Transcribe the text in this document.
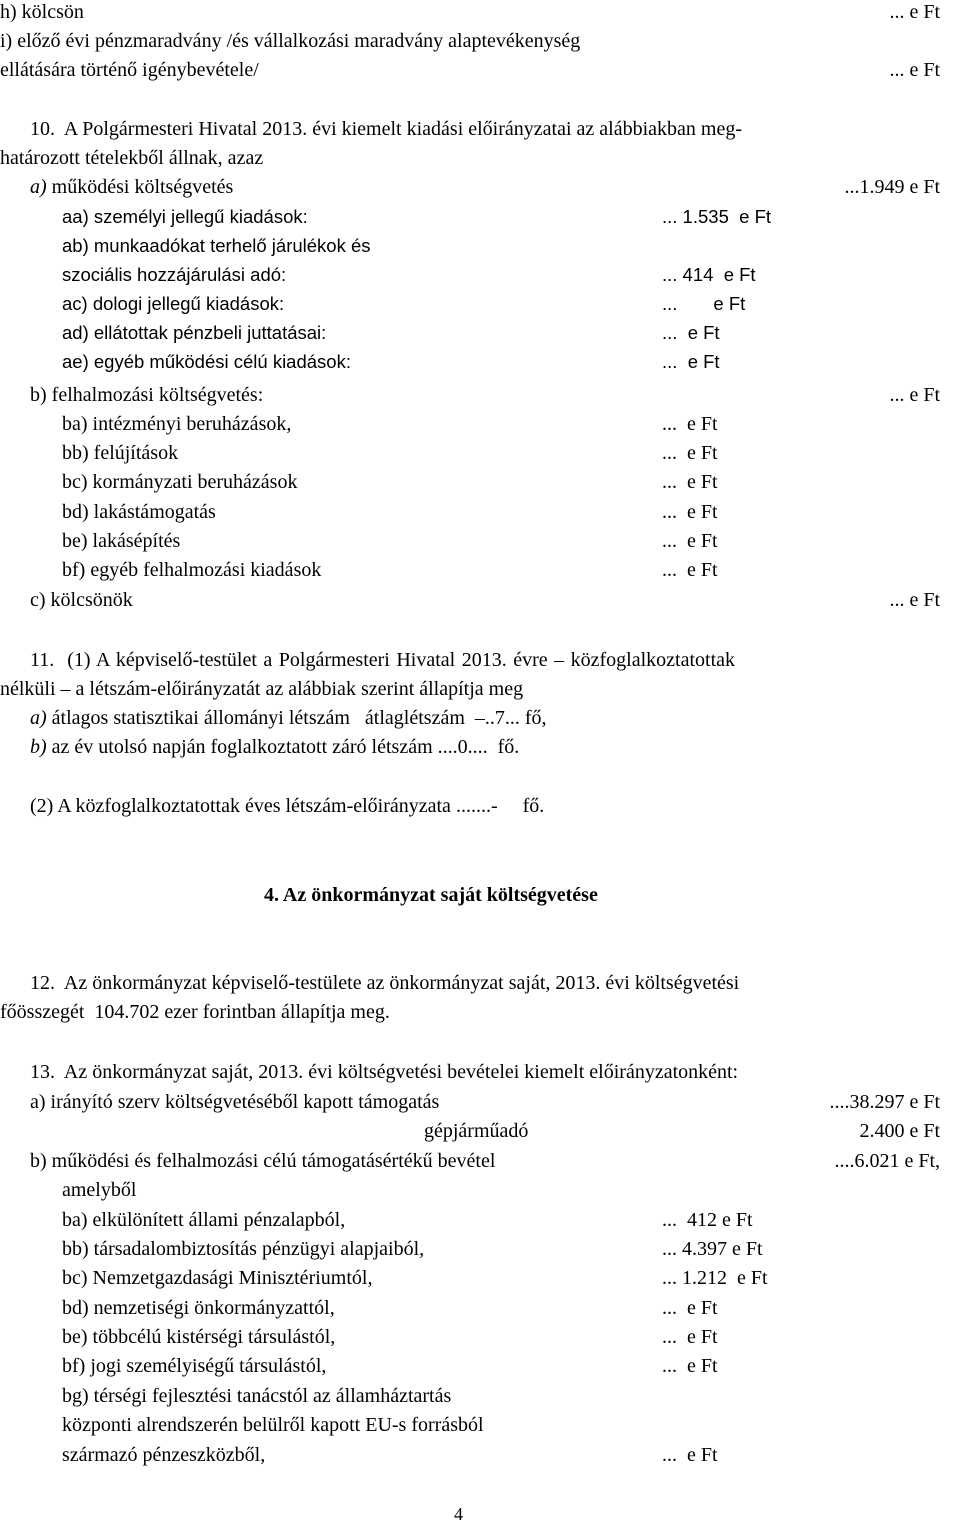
h) kölcsön	... e Ft
i) előző évi pénzmaradvány /és vállalkozási maradvány alaptevékenység
ellátására történő igénybevétele/	... e Ft
10.  A Polgármesteri Hivatal 2013. évi kiemelt kiadási előirányzatai az alábbiakban meg-
határozott tételekből állnak, azaz
a) működési költségvetés	...1.949 e Ft
aa) személyi jellegű kiadások:	... 1.535  e Ft
ab) munkaadókat terhelő járulékok és
szociális hozzájárulási adó:	... 414  e Ft
ac) dologi jellegű kiadások:	...       e Ft
ad) ellátottak pénzbeli juttatásai:	...  e Ft
ae) egyéb működési célú kiadások:	...  e Ft
b) felhalmozási költségvetés:	... e Ft
ba) intézményi beruházások,	...  e Ft
bb) felújítások	...  e Ft
bc) kormányzati beruházások	...  e Ft
bd) lakástámogatás	...  e Ft
be) lakásépítés	...  e Ft
bf) egyéb felhalmozási kiadások	...  e Ft
c) kölcsönök	... e Ft
11.  (1) A képviselő-testület a Polgármesteri Hivatal 2013. évre – közfoglalkoztatottak
nélküli – a létszám-előirányzatát az alábbiak szerint állapítja meg
a) átlagos statisztikai állományi létszám   átlaglétszám  –..7... fő,
b) az év utolsó napján foglalkoztatott záró létszám ....0....  fő.
(2) A közfoglalkoztatottak éves létszám-előirányzata .......-     fő.
4. Az önkormányzat saját költségvetése
12.  Az önkormányzat képviselő-testülete az önkormányzat saját, 2013. évi költségvetési
főösszegét  104.702 ezer forintban állapítja meg.
13.  Az önkormányzat saját, 2013. évi költségvetési bevételei kiemelt előirányzatonként:
a) irányító szerv költségvetéséből kapott támogatás	....38.297 e Ft
gépjárműadó	2.400 e Ft
b) működési és felhalmozási célú támogatásértékű bevétel	....6.021 e Ft,
amelyből
ba) elkülönített állami pénzalapból,	...  412 e Ft
bb) társadalombiztosítás pénzügyi alapjaiból,	... 4.397 e Ft
bc) Nemzetgazdasági Minisztériumtól,	... 1.212  e Ft
bd) nemzetiségi önkormányzattól,	...  e Ft
be) többcélú kistérségi társulástól,	...  e Ft
bf) jogi személyiségű társulástól,	...  e Ft
bg) térségi fejlesztési tanácstól az államháztartás
központi alrendszerén belülről kapott EU-s forrásból
származó pénzeszközből,	...  e Ft
4
